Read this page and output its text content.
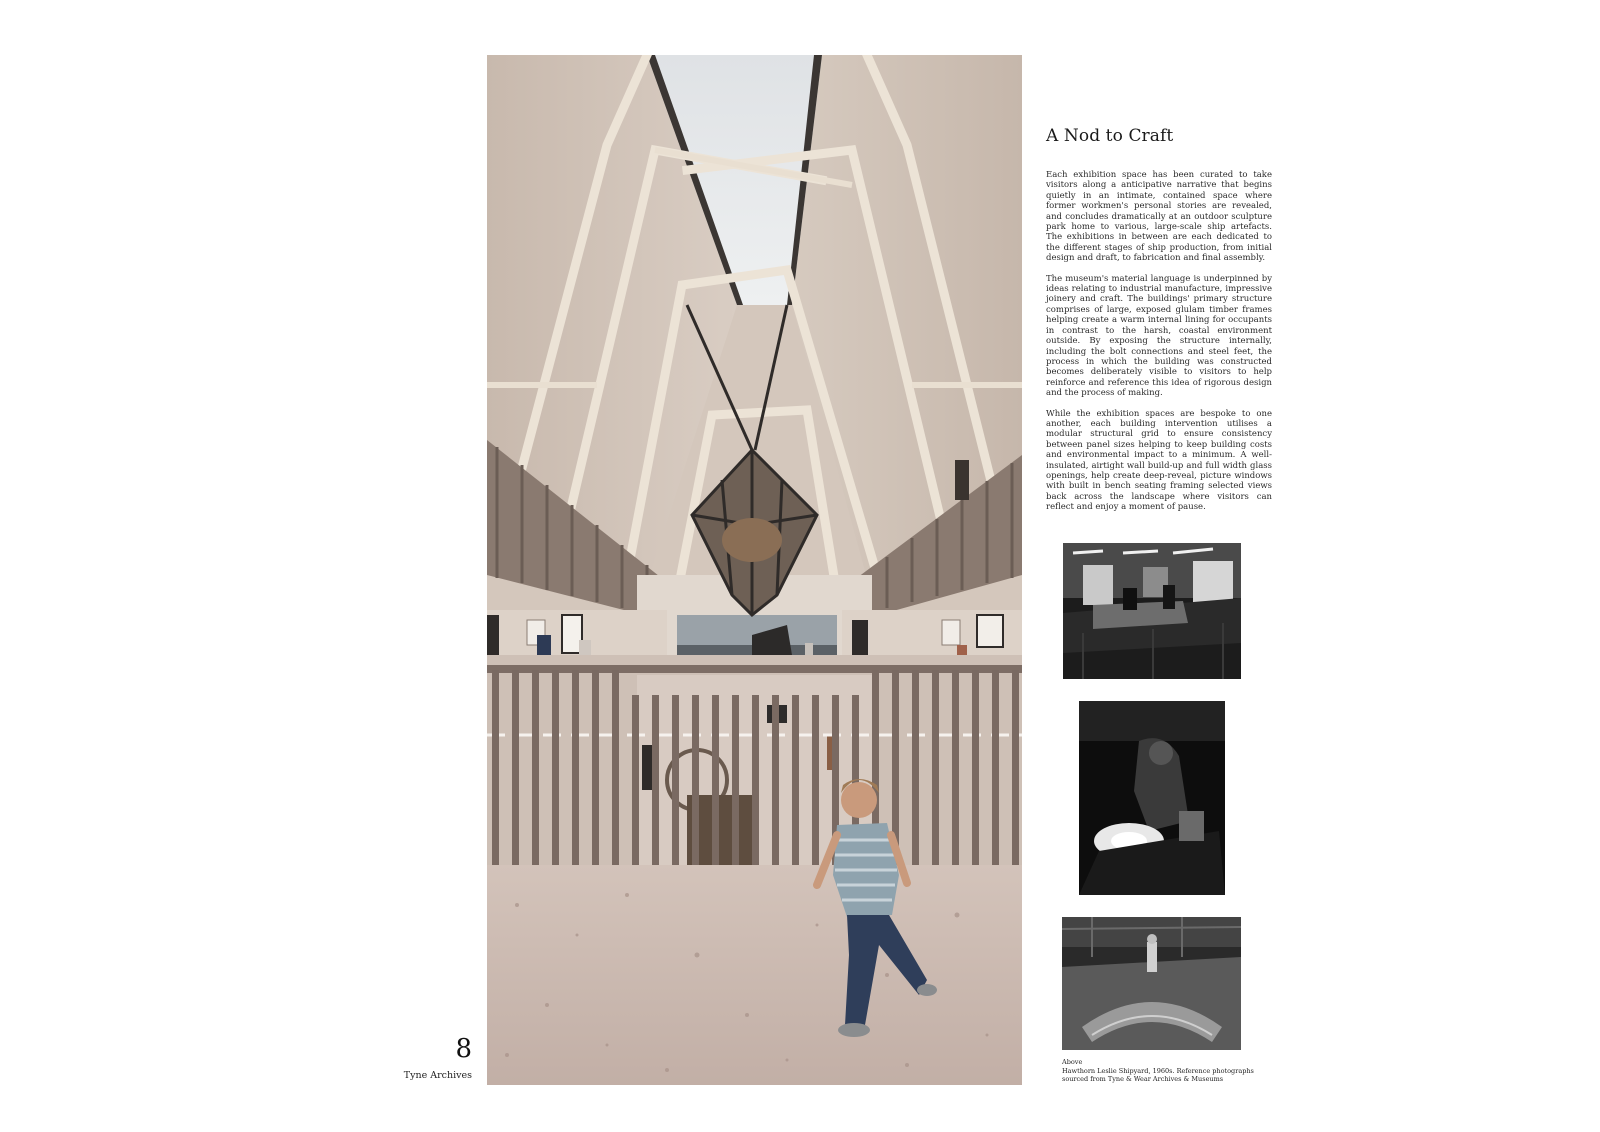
A Nod to Craft

Each exhibition space has been curated to take visitors along a anticipative narrative that begins quietly in an intimate, contained space where former workmen's personal stories are revealed, and concludes dramatically at an outdoor sculpture park home to various, large-scale ship artefacts. The exhibitions in between are each dedicated to the different stages of ship production, from initial design and draft, to fabrication and final assembly.

The museum's material language is underpinned by ideas relating to industrial manufacture, impressive joinery and craft. The buildings' primary structure comprises of large, exposed glulam timber frames helping create a warm internal lining for occupants in contrast to the harsh, coastal environment outside. By exposing the structure internally, including the bolt connections and steel feet, the process in which the building was constructed becomes deliberately visible to visitors to help reinforce and reference this idea of rigorous design and the process of making.

While the exhibition spaces are bespoke to one another, each building intervention utilises a modular structural grid to ensure consistency between panel sizes helping to keep building costs and environmental impact to a minimum. A well-insulated, airtight wall build-up and full width glass openings, help create deep-reveal, picture windows with built in bench seating framing selected views back across the landscape where visitors can reflect and enjoy a moment of pause.

Above
Hawthorn Leslie Shipyard, 1960s. Reference photographs sourced from Tyne & Wear Archives & Museums
8
Tyne Archives
